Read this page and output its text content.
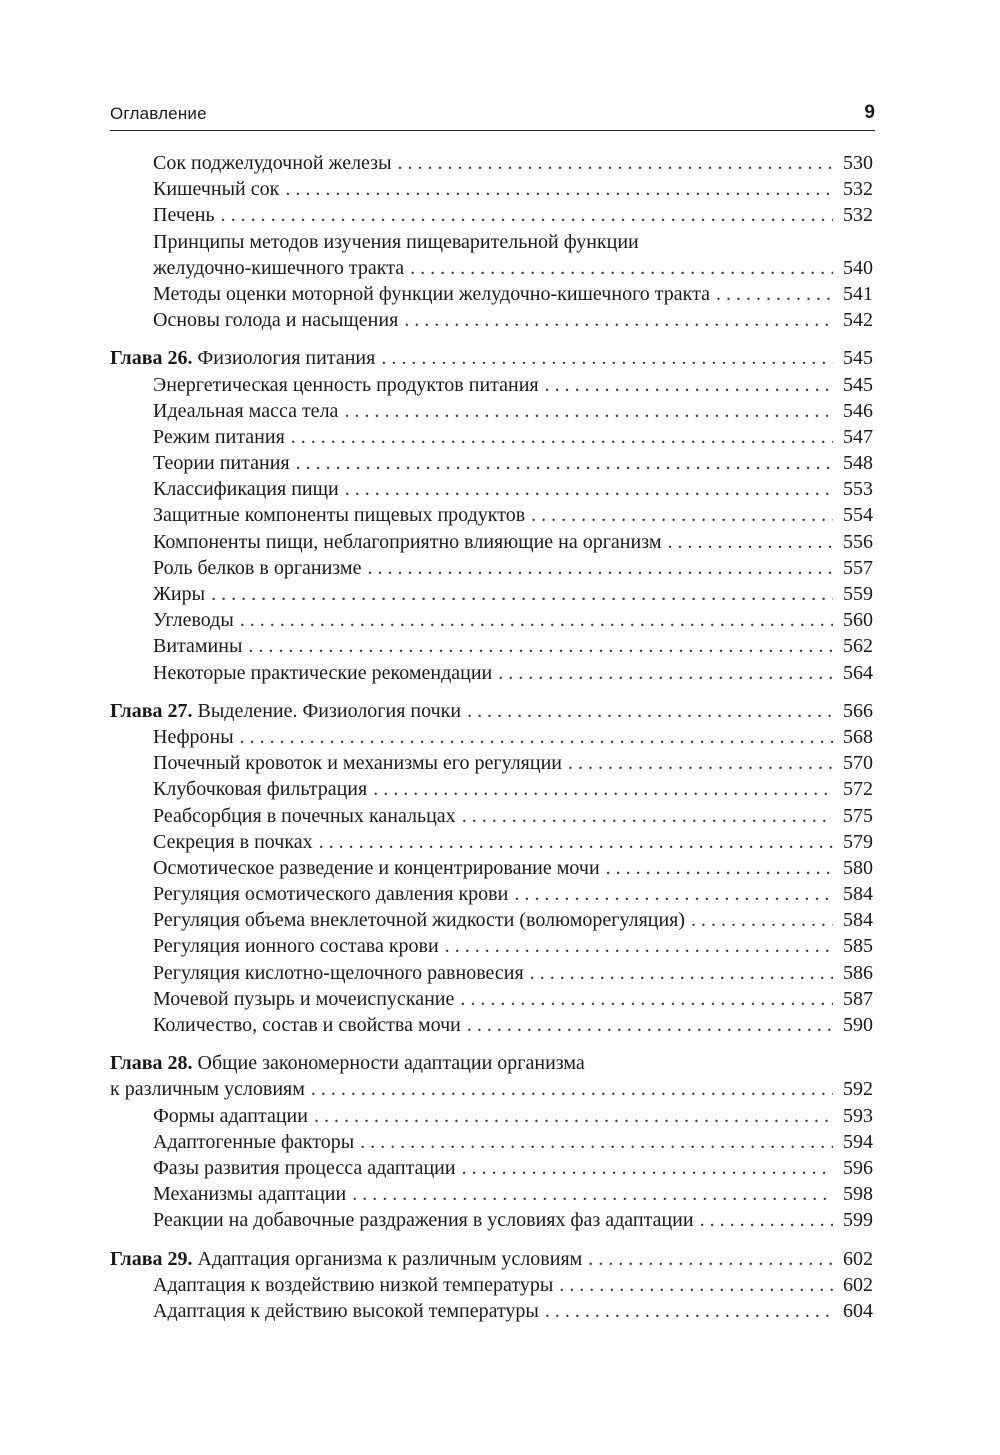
Оглавление	9
Сок поджелудочной железы . . .	530
Кишечный сок . . .	532
Печень . . .	532
Принципы методов изучения пищеварительной функции
желудочно-кишечного тракта . . .	540
Методы оценки моторной функции желудочно-кишечного тракта . . .	541
Основы голода и насыщения . . .	542
Глава 26. Физиология питания . . .	545
Энергетическая ценность продуктов питания . . .	545
Идеальная масса тела . . .	546
Режим питания . . .	547
Теории питания . . .	548
Классификация пищи . . .	553
Защитные компоненты пищевых продуктов . . .	554
Компоненты пищи, неблагоприятно влияющие на организм . . .	556
Роль белков в организме . . .	557
Жиры . . .	559
Углеводы . . .	560
Витамины . . .	562
Некоторые практические рекомендации . . .	564
Глава 27. Выделение. Физиология почки . . .	566
Нефроны . . .	568
Почечный кровоток и механизмы его регуляции . . .	570
Клубочковая фильтрация . . .	572
Реабсорбция в почечных канальцах . . .	575
Секреция в почках . . .	579
Осмотическое разведение и концентрирование мочи . . .	580
Регуляция осмотического давления крови . . .	584
Регуляция объема внеклеточной жидкости (волюморегуляция) . . .	584
Регуляция ионного состава крови . . .	585
Регуляция кислотно-щелочного равновесия . . .	586
Мочевой пузырь и мочеиспускание . . .	587
Количество, состав и свойства мочи . . .	590
Глава 28. Общие закономерности адаптации организма
к различным условиям . . .	592
Формы адаптации . . .	593
Адаптогенные факторы . . .	594
Фазы развития процесса адаптации . . .	596
Механизмы адаптации . . .	598
Реакции на добавочные раздражения в условиях фаз адаптации . . .	599
Глава 29. Адаптация организма к различным условиям . . .	602
Адаптация к воздействию низкой температуры . . .	602
Адаптация к действию высокой температуры . . .	604
